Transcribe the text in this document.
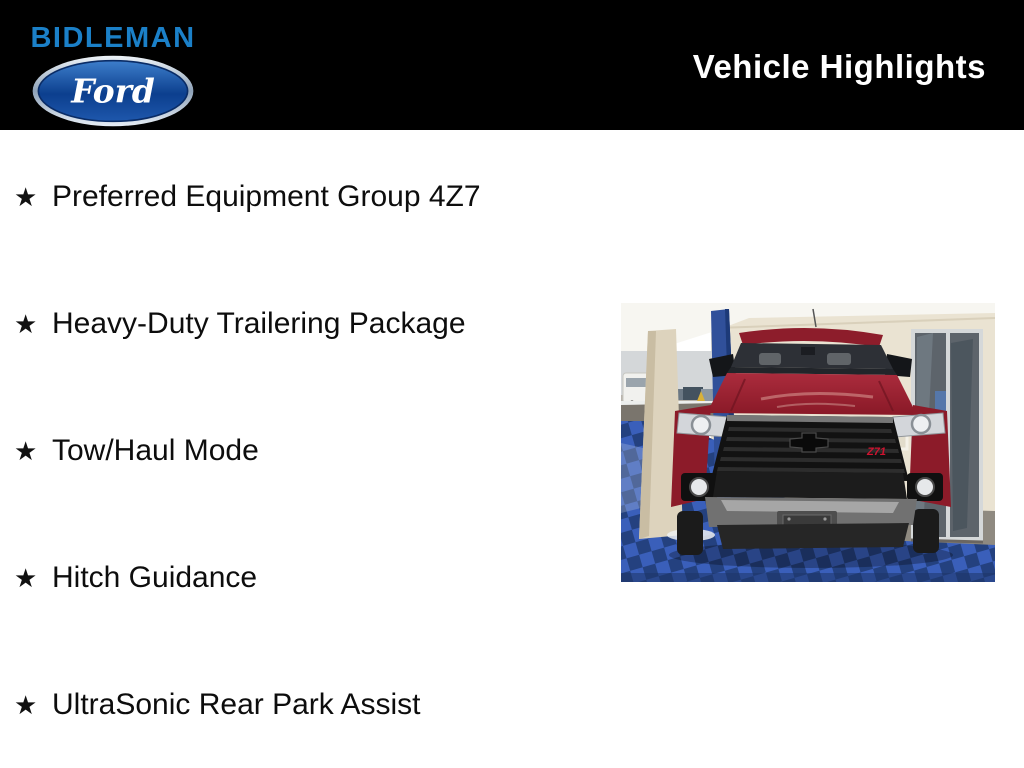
BIDLEMAN
Ford
Vehicle Highlights
★ Preferred Equipment Group 4Z7
★ Heavy-Duty Trailering Package
★ Tow/Haul Mode
★ Hitch Guidance
★ UltraSonic Rear Park Assist
Z71
